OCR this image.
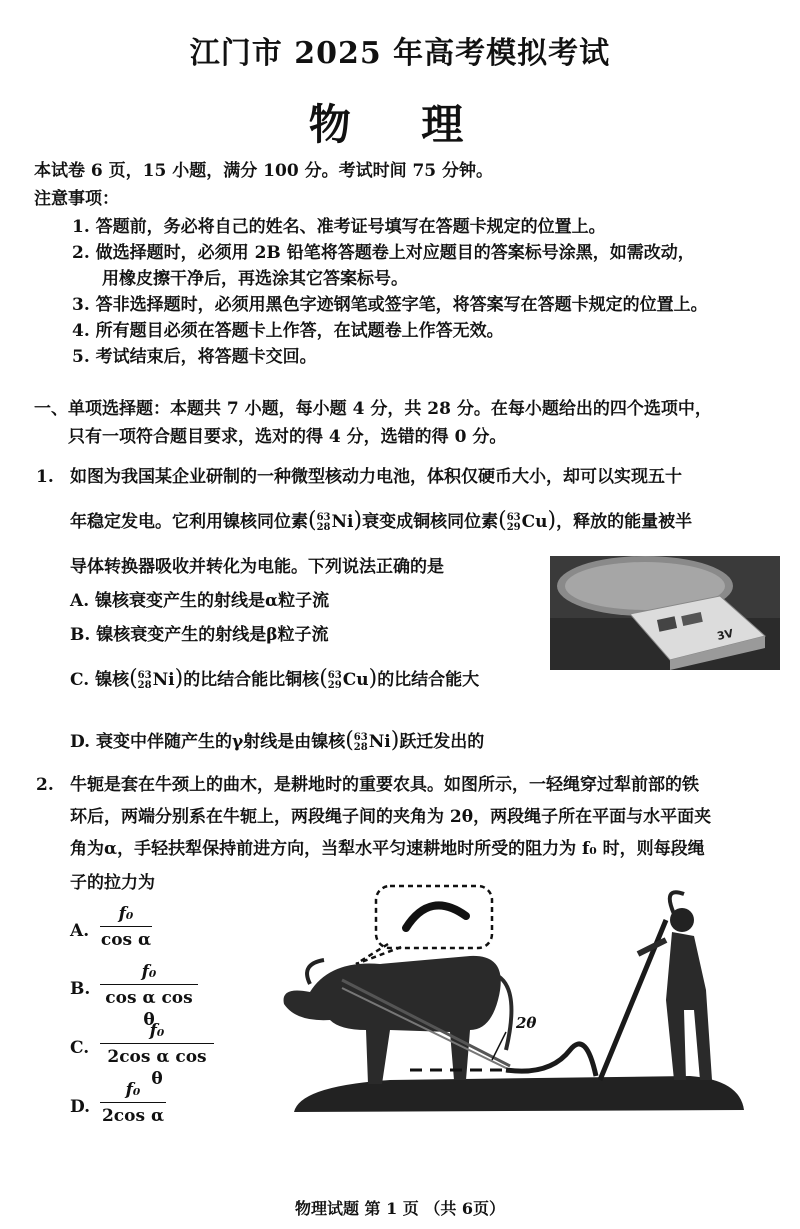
江门市 2025 年高考模拟考试
物 理
本试卷 6 页，15 小题，满分 100 分。考试时间 75 分钟。
注意事项：
1. 答题前，务必将自己的姓名、准考证号填写在答题卡规定的位置上。
2. 做选择题时，必须用 2B 铅笔将答题卷上对应题目的答案标号涂黑，如需改动，
用橡皮擦干净后，再选涂其它答案标号。
3. 答非选择题时，必须用黑色字迹钢笔或签字笔，将答案写在答题卡规定的位置上。
4. 所有题目必须在答题卡上作答，在试题卷上作答无效。
5. 考试结束后，将答题卡交回。
一、单项选择题：本题共 7 小题，每小题 4 分，共 28 分。在每小题给出的四个选项中，
只有一项符合题目要求，选对的得 4 分，选错的得 0 分。
1. 如图为我国某企业研制的一种微型核动力电池，体积仅硬币大小，却可以实现五十
年稳定发电。它利用镍核同位素( 63
28 Ni)衰变成铜核同位素( 63
29 Cu)，释放的能量被半
导体转换器吸收并转化为电能。下列说法正确的是
A. 镍核衰变产生的射线是α粒子流
B. 镍核衰变产生的射线是β粒子流
C. 镍核( 63
28 Ni)的比结合能比铜核( 63
29 Cu)的比结合能大
D. 衰变中伴随产生的γ射线是由镍核( 63
28 Ni)跃迁发出的
3V
2. 牛轭是套在牛颈上的曲木，是耕地时的重要农具。如图所示，一轻绳穿过犁前部的铁
环后，两端分别系在牛轭上，两段绳子间的夹角为 2θ，两段绳子所在平面与水平面夹
角为α，手轻扶犁保持前进方向，当犁水平匀速耕地时所受的阻力为 f₀ 时，则每段绳
子的拉力为
A.
f₀
cos α
B.
f₀
cos α cos θ
C.
f₀
2cos α cos θ
D.
f₀
2cos α
2θ
物理试题 第 1 页 （共 6页）
